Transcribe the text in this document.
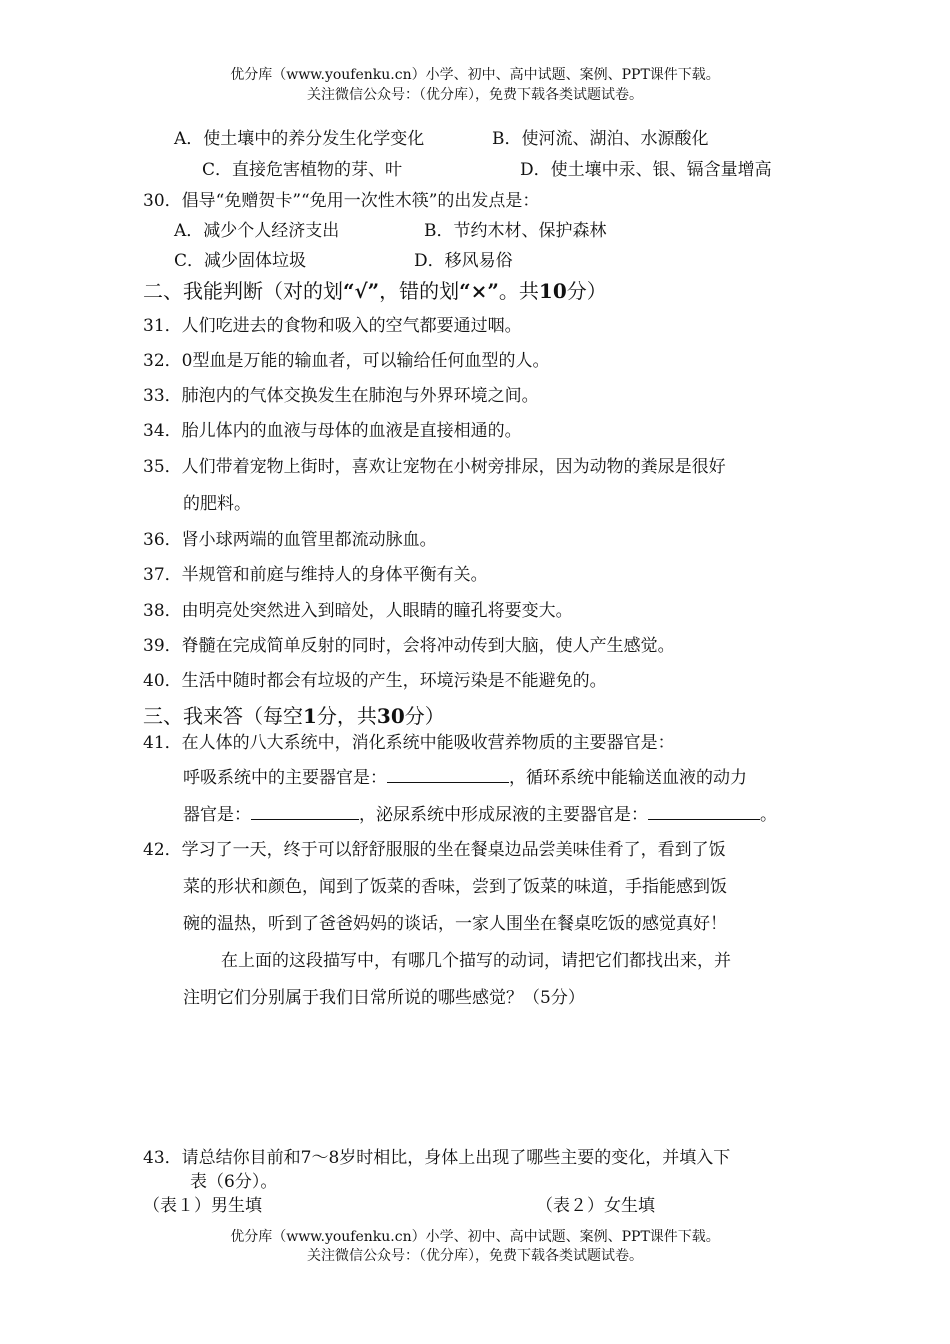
优分库（www.youfenku.cn）小学、初中、高中试题、案例、PPT课件下载。
关注微信公众号：（优分库），免费下载各类试题试卷。
A．使土壤中的养分发生化学变化	B．使河流、湖泊、水源酸化
C．直接危害植物的芽、叶	D．使土壤中汞、银、镉含量增高
30．倡导“免赠贺卡”“免用一次性木筷”的出发点是：
A．减少个人经济支出	B．节约木材、保护森林
C．减少固体垃圾	D．移风易俗
二、我能判断（对的划“√”，错的划“×”。共10分）
31．人们吃进去的食物和吸入的空气都要通过咽。
32．0型血是万能的输血者，可以输给任何血型的人。
33．肺泡内的气体交换发生在肺泡与外界环境之间。
34．胎儿体内的血液与母体的血液是直接相通的。
35．人们带着宠物上街时，喜欢让宠物在小树旁排尿，因为动物的粪尿是很好
的肥料。
36．肾小球两端的血管里都流动脉血。
37．半规管和前庭与维持人的身体平衡有关。
38．由明亮处突然进入到暗处，人眼睛的瞳孔将要变大。
39．脊髓在完成简单反射的同时，会将冲动传到大脑，使人产生感觉。
40．生活中随时都会有垃圾的产生，环境污染是不能避免的。
三、我来答（每空1分，共30分）
41．在人体的八大系统中，消化系统中能吸收营养物质的主要器官是：
呼吸系统中的主要器官是：	，循环系统中能输送血液的动力
器官是：	，泌尿系统中形成尿液的主要器官是：	。
42．学习了一天，终于可以舒舒服服的坐在餐桌边品尝美味佳肴了，看到了饭
菜的形状和颜色，闻到了饭菜的香味，尝到了饭菜的味道，手指能感到饭
碗的温热，听到了爸爸妈妈的谈话，一家人围坐在餐桌吃饭的感觉真好！
在上面的这段描写中，有哪几个描写的动词，请把它们都找出来，并
注明它们分别属于我们日常所说的哪些感觉？（5分）
43．请总结你目前和7～8岁时相比，身体上出现了哪些主要的变化，并填入下
表（6分）。
（表１）男生填	（表２）女生填
优分库（www.youfenku.cn）小学、初中、高中试题、案例、PPT课件下载。
关注微信公众号：（优分库），免费下载各类试题试卷。
